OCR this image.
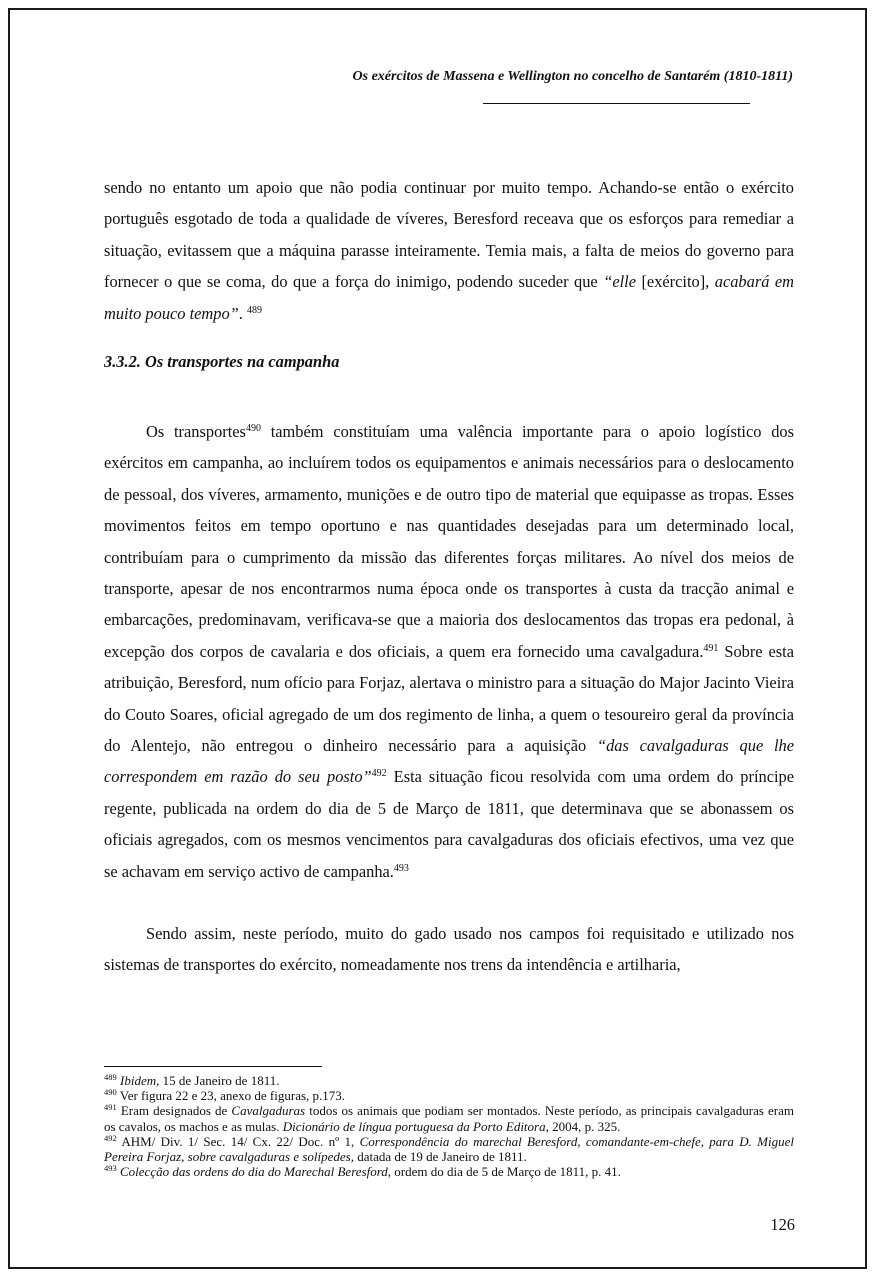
Os exércitos de Massena e Wellington no concelho de Santarém (1810-1811)

sendo no entanto um apoio que não podia continuar por muito tempo. Achando-se então o exército português esgotado de toda a qualidade de víveres, Beresford receava que os esforços para remediar a situação, evitassem que a máquina parasse inteiramente. Temia mais, a falta de meios do governo para fornecer o que se coma, do que a força do inimigo, podendo suceder que “elle [exército], acabará em muito pouco tempo”. $^{489}$

3.3.2. Os transportes na campanha

Os transportes$^{490}$ também constituíam uma valência importante para o apoio logístico dos exércitos em campanha, ao incluírem todos os equipamentos e animais necessários para o deslocamento de pessoal, dos víveres, armamento, munições e de outro tipo de material que equipasse as tropas. Esses movimentos feitos em tempo oportuno e nas quantidades desejadas para um determinado local, contribuíam para o cumprimento da missão das diferentes forças militares. Ao nível dos meios de transporte, apesar de nos encontrarmos numa época onde os transportes à custa da tracção animal e embarcações, predominavam, verificava-se que a maioria dos deslocamentos das tropas era pedonal, à excepção dos corpos de cavalaria e dos oficiais, a quem era fornecido uma cavalgadura.$^{491}$ Sobre esta atribuição, Beresford, num ofício para Forjaz, alertava o ministro para a situação do Major Jacinto Vieira do Couto Soares, oficial agregado de um dos regimento de linha, a quem o tesoureiro geral da província do Alentejo, não entregou o dinheiro necessário para a aquisição “das cavalgaduras que lhe correspondem em razão do seu posto”$^{492}$ Esta situação ficou resolvida com uma ordem do príncipe regente, publicada na ordem do dia de 5 de Março de 1811, que determinava que se abonassem os oficiais agregados, com os mesmos vencimentos para cavalgaduras dos oficiais efectivos, uma vez que se achavam em serviço activo de campanha.$^{493}$

Sendo assim, neste período, muito do gado usado nos campos foi requisitado e utilizado nos sistemas de transportes do exército, nomeadamente nos trens da intendência e artilharia,

$^{489}$ Ibidem, 15 de Janeiro de 1811.

$^{490}$ Ver figura 22 e 23, anexo de figuras, p.173.

$^{491}$ Eram designados de Cavalgaduras todos os animais que podiam ser montados. Neste período, as principais cavalgaduras eram os cavalos, os machos e as mulas. Dicionário de língua portuguesa da Porto Editora, 2004, p. 325.

$^{492}$ AHM/ Div. 1/ Sec. 14/ Cx. 22/ Doc. nº 1, Correspondência do marechal Beresford, comandante-em-chefe, para D. Miguel Pereira Forjaz, sobre cavalgaduras e solípedes, datada de 19 de Janeiro de 1811.

$^{493}$ Colecção das ordens do dia do Marechal Beresford, ordem do dia de 5 de Março de 1811, p. 41.

126
